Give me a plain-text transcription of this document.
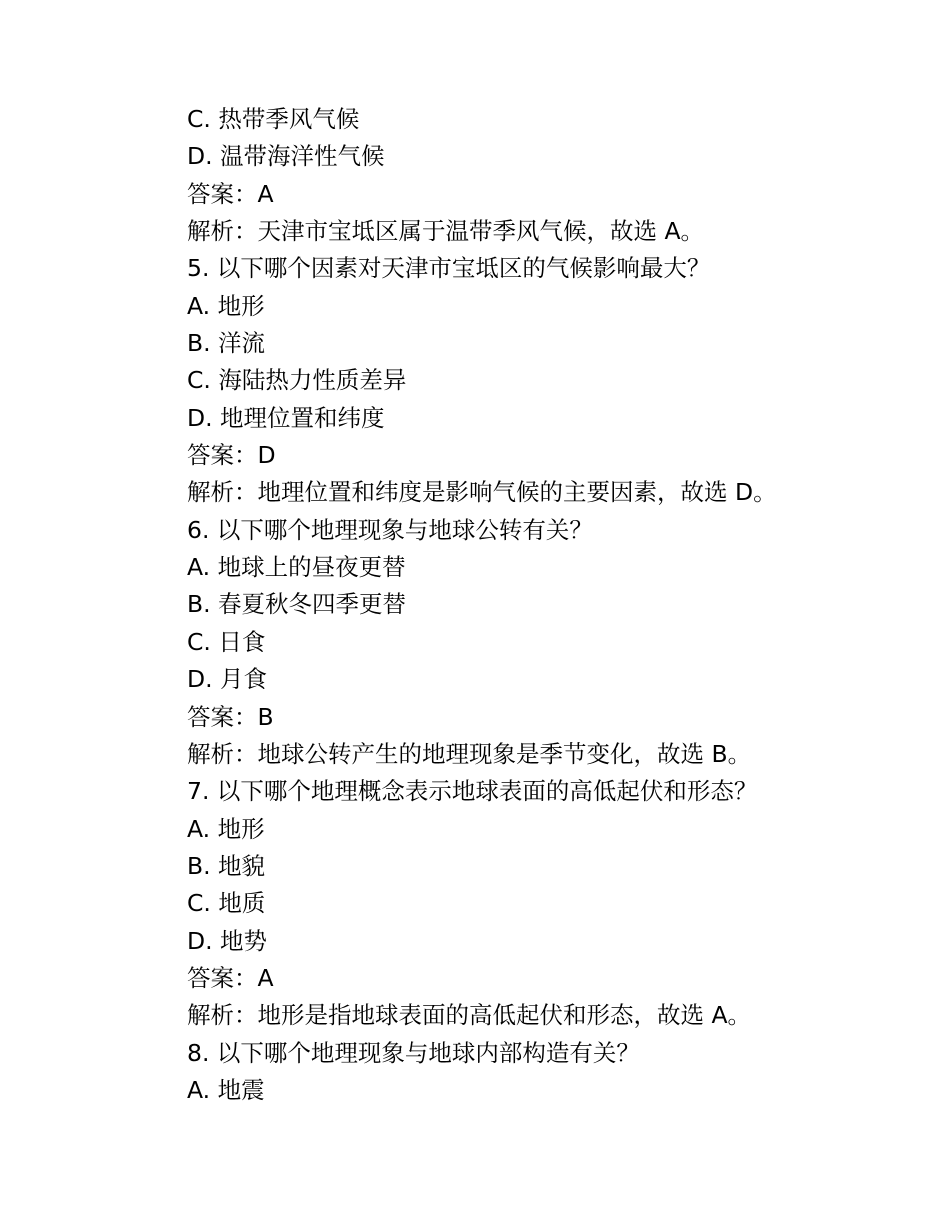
C. 热带季风气候
D. 温带海洋性气候
答案：A
解析：天津市宝坻区属于温带季风气候，故选 A。
5. 以下哪个因素对天津市宝坻区的气候影响最大？
A. 地形
B. 洋流
C. 海陆热力性质差异
D. 地理位置和纬度
答案：D
解析：地理位置和纬度是影响气候的主要因素，故选 D。
6. 以下哪个地理现象与地球公转有关？
A. 地球上的昼夜更替
B. 春夏秋冬四季更替
C. 日食
D. 月食
答案：B
解析：地球公转产生的地理现象是季节变化，故选 B。
7. 以下哪个地理概念表示地球表面的高低起伏和形态？
A. 地形
B. 地貌
C. 地质
D. 地势
答案：A
解析：地形是指地球表面的高低起伏和形态，故选 A。
8. 以下哪个地理现象与地球内部构造有关？
A. 地震
